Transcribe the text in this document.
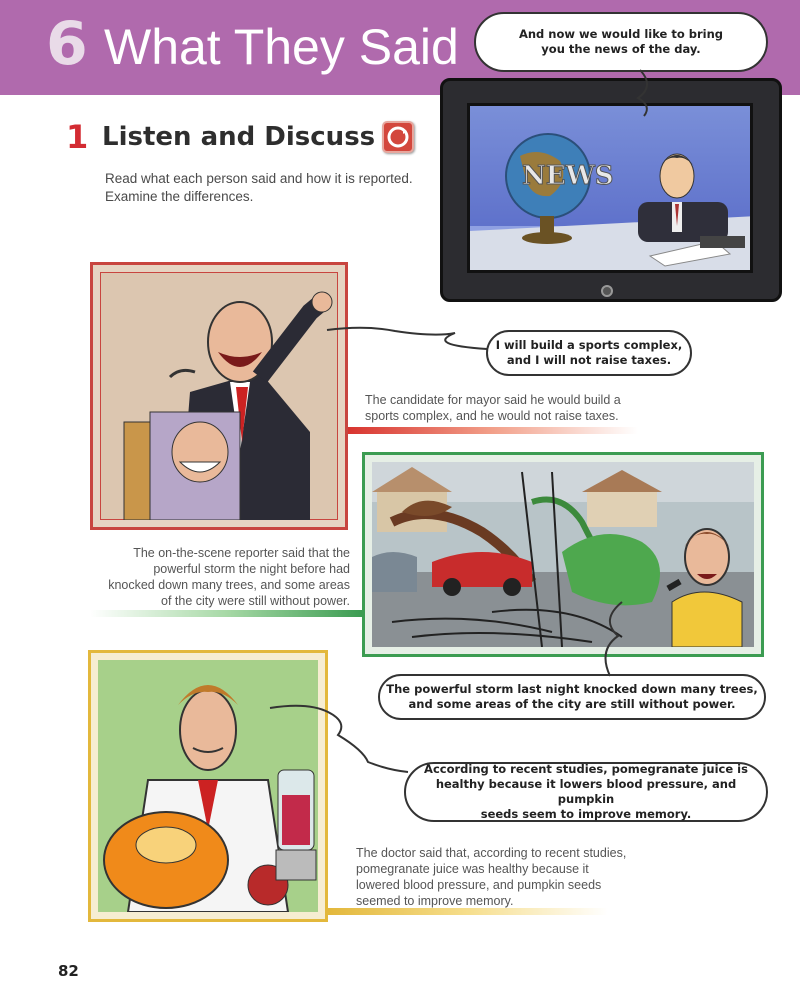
6 What They Said
1 Listen and Discuss
Read what each person said and how it is reported.
Examine the differences.
NEWS
And now we would like to bring
you the news of the day.
I will build a sports complex,
and I will not raise taxes.
The candidate for mayor said he would build a
sports complex, and he would not raise taxes.
The on-the-scene reporter said that the
powerful storm the night before had
knocked down many trees, and some areas
of the city were still without power.
The powerful storm last night knocked down many trees,
and some areas of the city are still without power.
According to recent studies, pomegranate juice is
healthy because it lowers blood pressure, and pumpkin
seeds seem to improve memory.
The doctor said that, according to recent studies,
pomegranate juice was healthy because it
lowered blood pressure, and pumpkin seeds
seemed to improve memory.
82
